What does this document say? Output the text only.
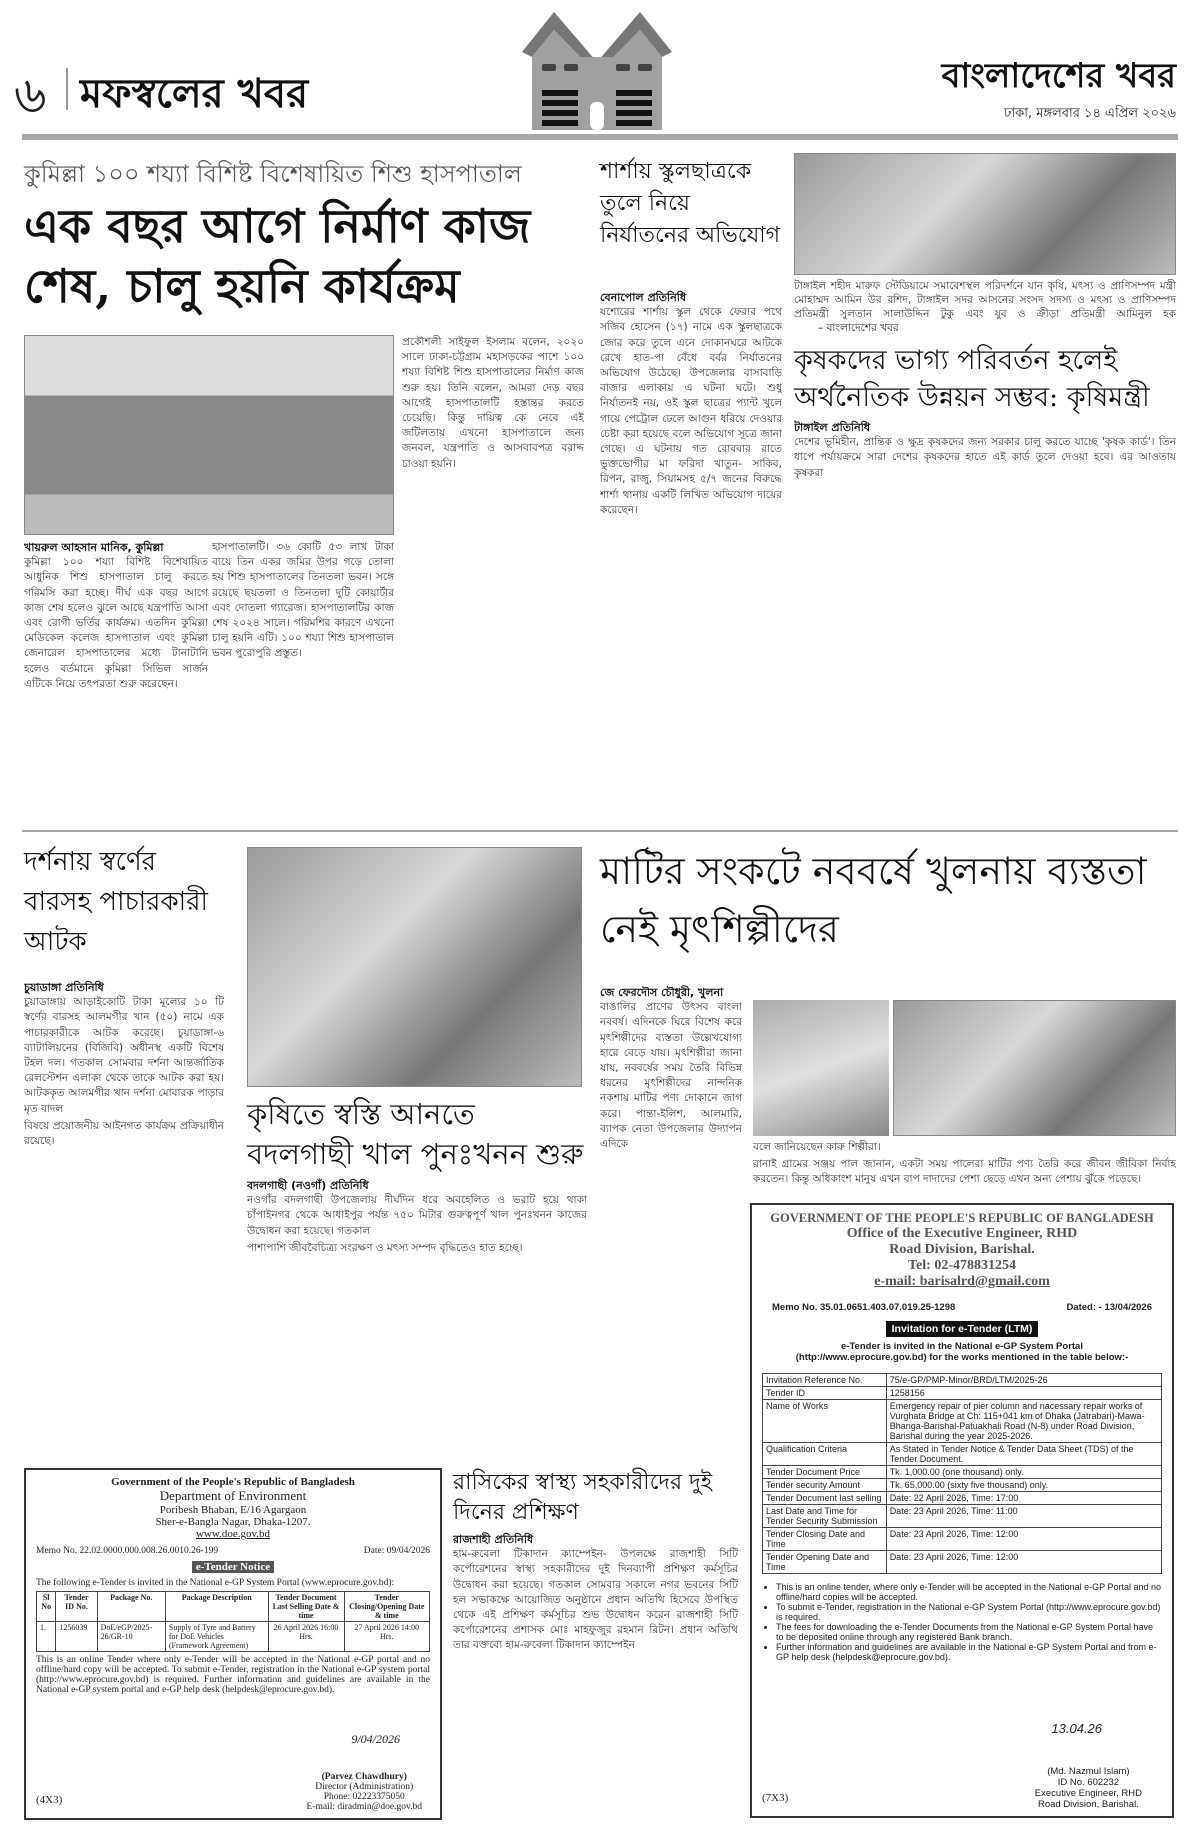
৬ মফস্বলের খবর	বাংলাদেশের খবর
ঢাকা, মঙ্গলবার ১৪ এপ্রিল ২০২৬
কুমিল্লা ১০০ শয্যা বিশিষ্ট বিশেষায়িত শিশু হাসপাতাল
এক বছর আগে নির্মাণ কাজ শেষ, চালু হয়নি কার্যক্রম
খায়রুল আহসান মানিক, কুমিল্লা

কুমিল্লা ১০০ শয্যা বিশিষ্ট বিশেষায়িত আধুনিক শিশু হাসপাতাল চালু করতে গরিমসি করা হচ্ছে। দীর্ঘ এক বছর আগে কাজ শেষ হলেও ঝুলে আছে যন্ত্রপাতি আসা এবং রোগী ভর্তির কার্যক্রম। এতদিন কুমিল্লা মেডিকেল কলেজ হাসপাতাল এবং কুমিল্লা জেনারেল হাসপাতালের মধ্যে টানাটানি হলেও বর্তমানে কুমিল্লা সিভিল সার্জন এটিকে নিয়ে তৎপরতা শুরু করেছেন।

হাসপাতালটি। ৩৬ কোটি ৫৩ লাখ টাকা ব্যয়ে তিন একর জমির উপর গড়ে তোলা হয় শিশু হাসপাতালের তিনতলা ভবন। সঙ্গে রয়েছে ছয়তলা ও তিনতলা দুটি কোয়ার্টার এবং দোতলা গ্যারেজ। হাসপাতালটির কাজ শেষ ২০২৪ সালে। গরিমশির কারণে এখনো চালু হয়নি এটি। ১০০ শয্যা শিশু হাসপাতাল ভবন পুরোপুরি প্রস্তুত।

প্রকৌশলী সাইফুল ইসলাম বলেন, ২০২০ সালে ঢাকা-চট্টগ্রাম মহাসড়কের পাশে ১০০ শয্যা বিশিষ্ট শিশু হাসপাতালের নির্মাণ কাজ শুরু হয়। তিনি বলেন, আমরা দেড় বছর আগেই হাসপাতালটি হস্তান্তর করতে চেয়েছি। কিন্তু দায়িত্ব কে নেবে এই জটিলতায় এখনো হাসপাতালে জন্য জনবল, যন্ত্রপাতি ও আসবাবপত্র বরাদ্দ চাওয়া হয়নি।

শার্শায় স্কুলছাত্রকে তুলে নিয়ে নির্যাতনের অভিযোগ
বেনাপোল প্রতিনিধি

যশোরের শার্শায় স্কুল থেকে ফেরার পথে সজিব হোসেন (১৭) নামে এক স্কুলছাত্রকে জোর করে তুলে এনে দোকানঘরে আটকে রেখে হাত-পা বেঁধে বর্বর নির্যাতনের অভিযোগ উঠেছে। উপজেলার বাসাবাড়ি বাজার এলাকায় এ ঘটনা ঘটে। শুধু নির্যাতনই নয়, ওই স্কুল ছাত্রের প্যান্ট খুলে গায়ে পেট্রোল ঢেলে আগুন ধরিয়ে দেওয়ার চেষ্টা করা হয়েছে বলে অভিযোগ সূত্রে জানা গেছে। এ ঘটনায় গত রোববার রাতে ভুক্তভোগীর মা ফরিদা খাতুন- সাকিব, রিপন, রাজু, সিয়ামসহ ৫/৭ জনের বিরুদ্ধে শার্শা থানায় একটি লিখিত অভিযোগ দায়ের করেছেন।

টাঙ্গাইল শহীদ মারুফ স্টেডিয়ামে সমাবেশস্থল পরিদর্শনে যান কৃষি, মৎস্য ও প্রাণিসম্পদ মন্ত্রী মোহাম্মদ আমিন উর রশিদ, টাঙ্গাইল সদর আসনের সংসদ সদস্য ও মৎস্য ও প্রাণিসম্পদ প্রতিমন্ত্রী সুলতান সালাউদ্দিন টুকু এবং যুব ও ক্রীড়া প্রতিমন্ত্রী আমিনুল হক – বাংলাদেশের খবর
কৃষকদের ভাগ্য পরিবর্তন হলেই অর্থনৈতিক উন্নয়ন সম্ভব: কৃষিমন্ত্রী
টাঙ্গাইল প্রতিনিধি

দেশের ভূমিহীন, প্রান্তিক ও ক্ষুদ্র কৃষকদের জন্য সরকার চালু করতে যাচ্ছে 'কৃষক কার্ড'। তিন ধাপে পর্যায়ক্রমে সারা দেশের কৃষকদের হাতে এই কার্ড তুলে দেওয়া হবে। এর আওতায় কৃষকরা

দর্শনায় স্বর্ণের বারসহ পাচারকারী আটক
চুয়াডাঙ্গা প্রতিনিধি

চুয়াডাঙ্গায় আড়াইকোটি টাকা মূল্যের ১০ টি স্বর্ণের বারসহ আলমগীর খান (৫০) নামে এক পাচারকারীকে আটক করেছে। চুয়াডাঙ্গা-৬ ব্যাটালিয়নের (বিজিবি) অধীনস্থ একটি বিশেষ টহল দল। গতকাল সোমবার দর্শনা আন্তর্জাতিক রেলস্টেশন এলাকা থেকে তাকে আটক করা হয়। আটককৃত আলমগীর খান দর্শনা মোবারক পাড়ার মৃত বাদল

বিষয়ে প্রয়োজনীয় আইনগত কার্যক্রম প্রক্রিয়াধীন রয়েছে।

কৃষিতে স্বস্তি আনতে বদলগাছী খাল পুনঃখনন শুরু
বদলগাছী (নওগাঁ) প্রতিনিধি

নওগাঁর বদলগাছী উপজেলায় দীর্ঘদিন ধরে অবহেলিত ও ভরাট হয়ে থাকা চাঁপাইনগর থেকে আধাইপুর পর্যন্ত ৭৫০ মিটার গুরুত্বপূর্ণ খাল পুনঃখনন কাজের উদ্বোধন করা হয়েছে। গতকাল

পাশাপাশি জীববৈচিত্র্য সংরক্ষণ ও মৎস্য সম্পদ বৃদ্ধিতেও হাত হচ্ছে।

মাটির সংকটে নববর্ষে খুলনায় ব্যস্ততা নেই মৃৎশিল্পীদের
জে ফেরদৌস চৌধুরী, খুলনা

বাঙালির প্রাণের উৎসব বাংলা নববর্ষ। এদিনকে ঘিরে বিশেষ করে মৃৎশিল্পীদের ব্যস্ততা উল্লেখযোগ্য হারে বেড়ে যায়। মৃৎশিল্পীরা জানা যায়, নববর্ষের সময় তৈরি বিভিন্ন ধরনের মৃৎশিল্পীদের নান্দনিক নকশায় মাটির পণ্য দোকানে জাগ করে। পান্তা-ইলিশ, আলমারি, ব্যাপক নেতা উপজেলার উদ্যাপন এদিকে	বলে জানিয়েছেন কারু শিল্পীরা।

রানাই গ্রামের সঞ্জয় পাল জানান, একটা সময় পালেরা মাটির পণ্য তৈরি করে জীবন জীবিকা নির্বাহ করতেন। কিন্তু অধিকাংশ মানুষ এখন বাপ দাদাদের পেশা ছেড়ে এখন অন্য পেশায় ঝুঁকে পড়েছে।

রাসিকের স্বাস্থ্য সহকারীদের দুই দিনের প্রশিক্ষণ
রাজশাহী প্রতিনিধি

হাম-রুবেলা টিকাদান ক্যাম্পেইন- উপলক্ষে রাজশাহী সিটি কর্পোরেশনের স্বাস্থ্য সহকারীদের দুই দিনব্যাপী প্রশিক্ষণ কর্মসূচির উদ্বোধন করা হয়েছে। গতকাল সোমবার সকালে নগর ভবনের সিটি হল সভাকক্ষে আয়োজিত অনুষ্ঠানে প্রধান অতিথি হিসেবে উপস্থিত থেকে এই প্রশিক্ষণ কর্মসূচির শুভ উদ্বোধন করেন রাজশাহী সিটি কর্পোরেশনের প্রশাসক মোঃ মাহফুজুর রহমান রিটন। প্রধান অতিথি তার বক্তব্যে হাম-রুবেলা টিকাদান ক্যাম্পেইন

Government of the People's Republic of Bangladesh
Department of Environment
Poribesh Bhaban, E/16 Agargaon
Sher-e-Bangla Nagar, Dhaka-1207.
www.doe.gov.bd
Memo No. 22.02.0000.000.008.26.0010.26-199	Date: 09/04/2026
e-Tender Notice
The following e-Tender is invited in the National e-GP System Portal (www.eprocure.gov.bd):
Sl No	Tender ID No.	Package No.	Package Description	Tender Document Last Selling Date & time	Tender Closing/Opening Date & time
1.	1256039	DoE/eGP/2025-26/GR-10	Supply of Tyre and Battery for DoE Vehicles (Framework Agreement)	26 April 2026 16:00 Hrs.	27 April 2026 14:00 Hrs.
This is an online Tender where only e-Tender will be accepted in the National e-GP portal and no offline/hard copy will be accepted. To submit e-Tender, registration in the National e-GP system portal (http://www.eprocure.gov.bd) is required. Further information and guidelines are available in the National e-GP system portal and e-GP help desk (helpdesk@eprocure.gov.bd).
9/04/2026
(Parvez Chawdhury)
Director (Administration)
Phone: 02223375050
E-mail: diradmin@doe.gov.bd
(4X3)
GOVERNMENT OF THE PEOPLE'S REPUBLIC OF BANGLADESH
Office of the Executive Engineer, RHD
Road Division, Barishal.
Tel: 02-478831254
e-mail: barisalrd@gmail.com
Memo No. 35.01.0651.403.07.019.25-1298	Dated: - 13/04/2026
Invitation for e-Tender (LTM)
e-Tender is invited in the National e-GP System Portal (http://www.eprocure.gov.bd) for the works mentioned in the table below:-
Invitation Reference No.	75/e-GP/PMP-Minor/BRD/LTM/2025-26
Tender ID	1258156
Name of Works	Emergency repair of pier column and nacessary repair works of Vurghata Bridge at Ch: 115+041 km of Dhaka (Jatrabari)-Mawa-Bhanga-Barishal-Patuakhali Road (N-8) under Road Division, Barishal during the year 2025-2026.
Qualification Criteria	As Stated in Tender Notice & Tender Data Sheet (TDS) of the Tender Document.
Tender Document Price	Tk. 1,000.00 (one thousand) only.
Tender security Amount	Tk. 65,000.00 (sixty five thousand) only.
Tender Document last selling	Date: 22 April 2026, Time: 17:00
Last Date and Time for Tender Security Submission	Date: 23 April 2026, Time: 11:00
Tender Closing Date and Time	Date: 23 April 2026, Time: 12:00
Tender Opening Date and Time	Date: 23 April 2026, Time: 12:00
• This is an online tender, where only e-Tender will be accepted in the National e-GP Portal and no offline/hard copies will be accepted.
• To submit e-Tender, registration in the National e-GP System Portal (http://www.eprocure.gov.bd) is required.
• The fees for downloading the e-Tender Documents from the National e-GP System Portal have to be deposited online through any registered Bank branch.
• Further information and guidelines are available in the National e-GP System Portal and from e-GP help desk (helpdesk@eprocure.gov.bd).
13.04.26
(Md. Nazmul Islam)
ID No. 602232
Executive Engineer, RHD
Road Division, Barishal.
(7X3)
